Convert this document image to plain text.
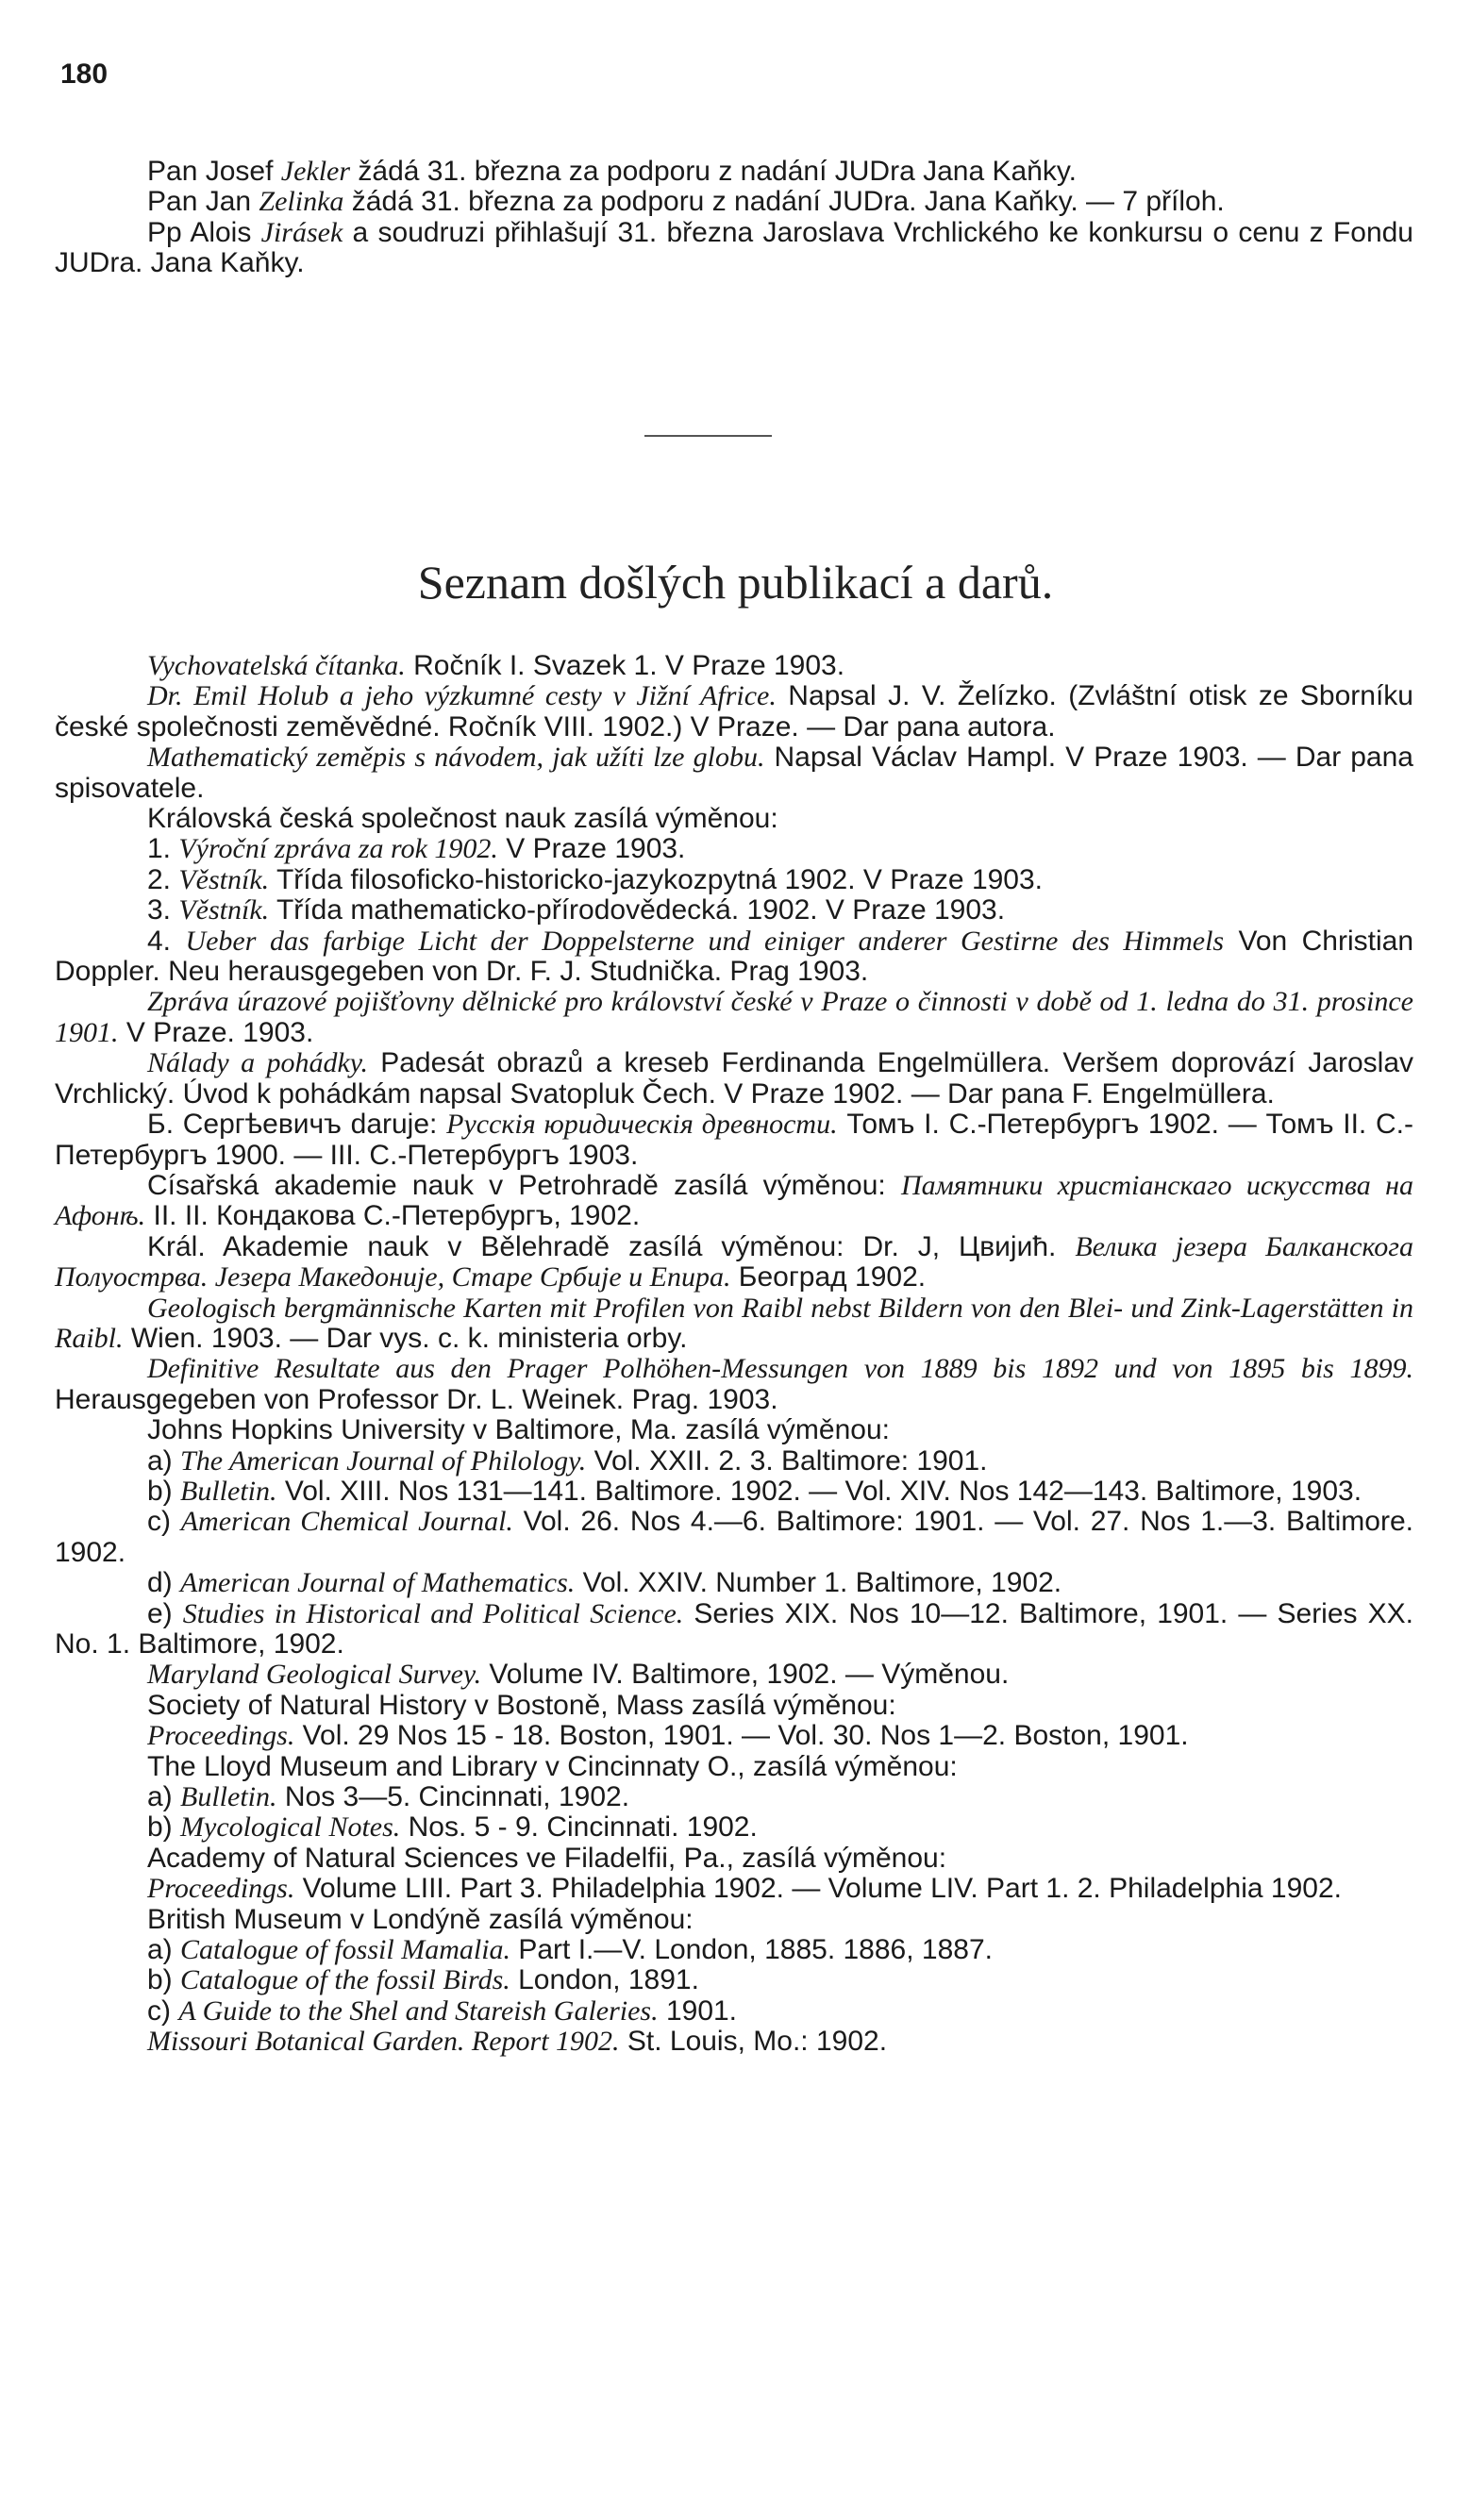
180

Pan Josef Jekler žádá 31. března za podporu z nadání JUDra Jana Kaňky.

Pan Jan Zelinka žádá 31. března za podporu z nadání JUDra. Jana Kaňky. — 7 příloh.

Pp Alois Jirásek a soudruzi přihlašují 31. března Jaroslava Vrchlického ke konkursu o cenu z Fondu JUDra. Jana Kaňky.

Seznam došlých publikací a darů.

Vychovatelská čítanka. Ročník I. Svazek 1. V Praze 1903.

Dr. Emil Holub a jeho výzkumné cesty v Jižní Africe. Napsal J. V. Želízko. (Zvláštní otisk ze Sborníku české společnosti zeměvědné. Ročník VIII. 1902.) V Praze. — Dar pana autora.

Mathematický zeměpis s návodem, jak užíti lze globu. Napsal Václav Hampl. V Praze 1903. — Dar pana spisovatele.

Královská česká společnost nauk zasílá výměnou:

1. Výroční zpráva za rok 1902. V Praze 1903.

2. Věstník. Třída filosoficko-historicko-jazykozpytná 1902. V Praze 1903.

3. Věstník. Třída mathematicko-přírodovědecká. 1902. V Praze 1903.

4. Ueber das farbige Licht der Doppelsterne und einiger anderer Gestirne des Himmels Von Christian Doppler. Neu herausgegeben von Dr. F. J. Studnička. Prag 1903.

Zpráva úrazové pojišťovny dělnické pro království české v Praze o činnosti v době od 1. ledna do 31. prosince 1901. V Praze. 1903.

Nálady a pohádky. Padesát obrazů a kreseb Ferdinanda Engelmüllera. Veršem doprovází Jaroslav Vrchlický. Úvod k pohádkám napsal Svatopluk Čech. V Praze 1902. — Dar pana F. Engelmüllera.

Б. Сергѣевичъ daruje: Русскія юридическія древности. Томъ I. С.-Петербургъ 1902. — Томъ II. С.-Петербургъ 1900. — III. С.-Петербургъ 1903.

Císařská akademie nauk v Petrohradě zasílá výměnou: Памятники христіанскаго искусства на Афонѣ. II. II. Кондакова С.-Петербургъ, 1902.

Král. Akademie nauk v Bělehradě zasílá výměnou: Dr. J, Цвиjић. Велика језера Балканскога Полуострва. Језера Македоније, Старе Србије и Епира. Београд 1902.

Geologisch bergmännische Karten mit Profilen von Raibl nebst Bildern von den Blei- und Zink-Lagerstätten in Raibl. Wien. 1903. — Dar vys. c. k. ministeria orby.

Definitive Resultate aus den Prager Polhöhen-Messungen von 1889 bis 1892 und von 1895 bis 1899. Herausgegeben von Professor Dr. L. Weinek. Prag. 1903.

Johns Hopkins University v Baltimore, Ma. zasílá výměnou:

a) The American Journal of Philology. Vol. XXII. 2. 3. Baltimore: 1901.

b) Bulletin. Vol. XIII. Nos 131—141. Baltimore. 1902. — Vol. XIV. Nos 142—143. Baltimore, 1903.

c) American Chemical Journal. Vol. 26. Nos 4.—6. Baltimore: 1901. — Vol. 27. Nos 1.—3. Baltimore. 1902.

d) American Journal of Mathematics. Vol. XXIV. Number 1. Baltimore, 1902.

e) Studies in Historical and Political Science. Series XIX. Nos 10—12. Baltimore, 1901. — Series XX. No. 1. Baltimore, 1902.

Maryland Geological Survey. Volume IV. Baltimore, 1902. — Výměnou.

Society of Natural History v Bostoně, Mass zasílá výměnou:

Proceedings. Vol. 29 Nos 15 - 18. Boston, 1901. — Vol. 30. Nos 1—2. Boston, 1901.

The Lloyd Museum and Library v Cincinnaty O., zasílá výměnou:

a) Bulletin. Nos 3—5. Cincinnati, 1902.

b) Mycological Notes. Nos. 5 - 9. Cincinnati. 1902.

Academy of Natural Sciences ve Filadelfii, Pa., zasílá výměnou:

Proceedings. Volume LIII. Part 3. Philadelphia 1902. — Volume LIV. Part 1. 2. Philadelphia 1902.

British Museum v Londýně zasílá výměnou:

a) Catalogue of fossil Mamalia. Part I.—V. London, 1885. 1886, 1887.

b) Catalogue of the fossil Birds. London, 1891.

c) A Guide to the Shel and Stareish Galeries. 1901.

Missouri Botanical Garden. Report 1902. St. Louis, Mo.: 1902.
